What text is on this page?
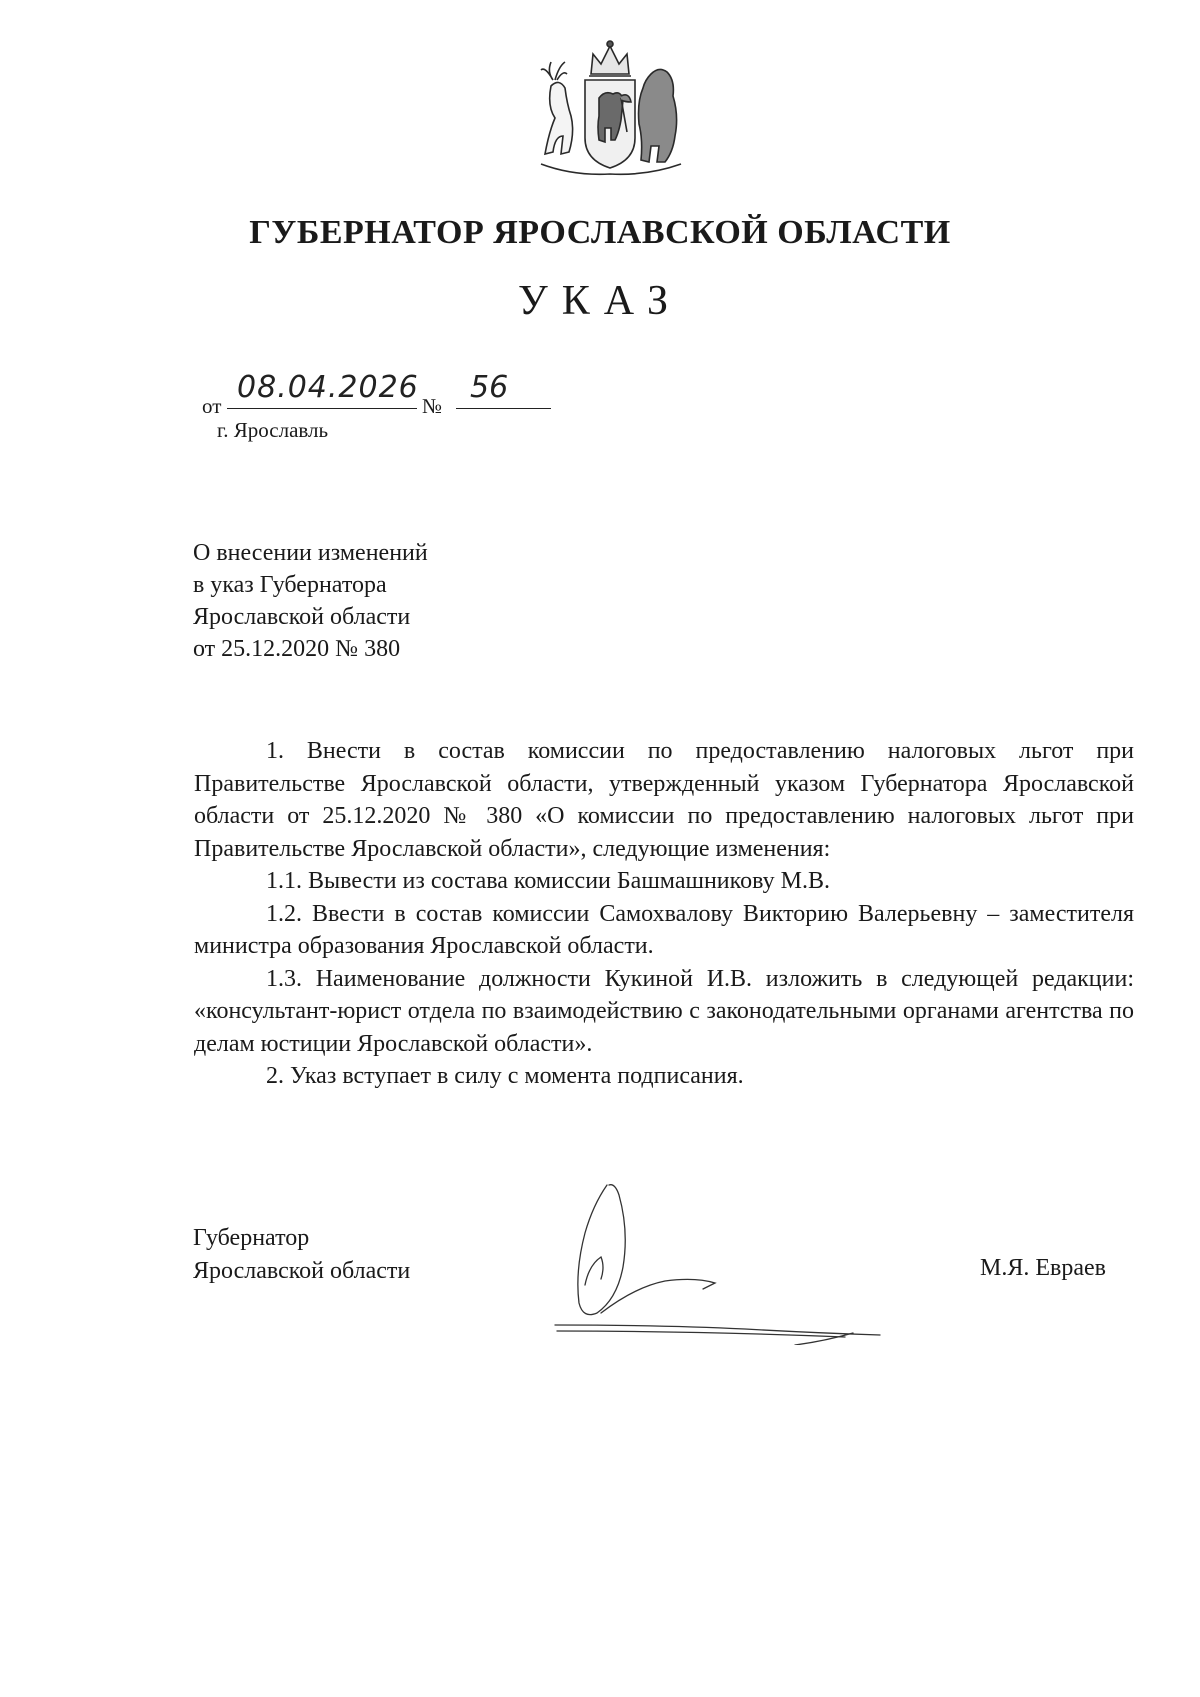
ГУБЕРНАТОР ЯРОСЛАВСКОЙ ОБЛАСТИ
УКАЗ
от
08.04.2026
№
56
г. Ярославль
О внесении изменений
в указ Губернатора
Ярославской области
от 25.12.2020 № 380

1. Внести в состав комиссии по предоставлению налоговых льгот при Правительстве Ярославской области, утвержденный указом Губернатора Ярославской области от 25.12.2020 № 380 «О комиссии по предоставлению налоговых льгот при Правительстве Ярославской области», следующие изменения:

1.1. Вывести из состава комиссии Башмашникову М.В.

1.2. Ввести в состав комиссии Самохвалову Викторию Валерьевну – заместителя министра образования Ярославской области.

1.3. Наименование должности Кукиной И.В. изложить в следующей редакции: «консультант-юрист отдела по взаимодействию с законодательными органами агентства по делам юстиции Ярославской области».

2. Указ вступает в силу с момента подписания.

Губернатор
Ярославской области	М.Я. Евраев
